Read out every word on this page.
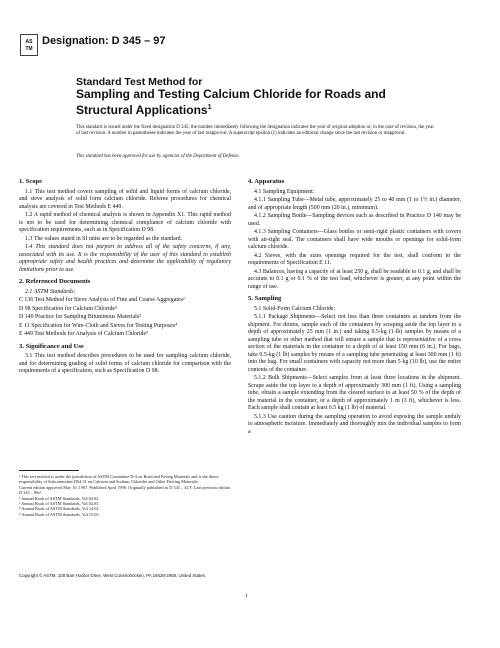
AS
TM
Designation: D 345 – 97
Standard Test Method for
Sampling and Testing Calcium Chloride for Roads and
Structural Applications$^1$
This standard is issued under the fixed designation D 345; the number immediately following the designation indicates the year of original adoption or, in the case of revision, the year of last revision. A number in parentheses indicates the year of last reapproval. A superscript epsilon (ε) indicates an editorial change since the last revision or reapproval.
This standard has been approved for use by agencies of the Department of Defense.
1. Scope

1.1 This test method covers sampling of solid and liquid forms of calcium chloride, and sieve analysis of solid form calcium chloride. Referee procedures for chemical analysis are covered in Test Methods E 449.

1.2 A rapid method of chemical analysis is shown in Appendix X1. This rapid method is not to be used for determining chemical compliance of calcium chloride with specification requirements, such as in Specification D 98.

1.3 The values stated in SI units are to be regarded as the standard.

1.4 This standard does not purport to address all of the safety concerns, if any, associated with its use. It is the responsibility of the user of this standard to establish appropriate safety and health practices and determine the applicability of regulatory limitations prior to use.

2. Referenced Documents

2.1 ASTM Standards:

C 136 Test Method for Sieve Analysis of Fine and Coarse Aggregates²

D 98 Specification for Calcium Chloride³

D 140 Practice for Sampling Bituminous Materials³

E 11 Specification for Wire-Cloth and Sieves for Testing Purposes⁴

E 449 Test Methods for Analysis of Calcium Chloride⁵

3. Significance and Use

3.1 This test method describes procedures to be used for sampling calcium chloride, and for determining grading of solid forms of calcium chloride for comparison with the requirements of a specification, such as Specification D 98.

¹ This test method is under the jurisdiction of ASTM Committee D-4 on Road and Paving Materials and is the direct responsibility of Subcommittee D04.31 on Calcium and Sodium Chlorides and Other Deicing Materials.

Current edition approved May 10, 1997. Published April 1998. Originally published as D 345 – 32 T. Last previous edition D 345 – 90ε¹.

² Annual Book of ASTM Standards, Vol 04.02.

³ Annual Book of ASTM Standards, Vol 04.03.

⁴ Annual Book of ASTM Standards, Vol 14.02.

⁵ Annual Book of ASTM Standards, Vol 15.05.

4. Apparatus

4.1 Sampling Equipment:

4.1.1 Sampling Tube—Metal tube, approximately 25 to 40 mm (1 to 1½ in.) diameter, and of appropriate length (500 mm (20 in.), minimum).

4.1.2 Sampling Bottle—Sampling devices such as described in Practice D 140 may be used.

4.1.3 Sampling Containers—Glass bottles or semi-rigid plastic containers with covers with air-tight seal. The containers shall have wide mouths or openings for solid-form calcium chloride.

4.2 Sieves, with the sizes openings required for the test, shall conform to the requirements of Specification E 11.

4.3 Balances, having a capacity of at least 250 g, shall be readable to 0.1 g, and shall be accurate to 0.1 g or 0.1 % of the test load, whichever is greater, at any point within the range of use.

5. Sampling

5.1 Solid-Form Calcium Chloride:

5.1.1 Package Shipments—Select not less than three containers at random from the shipment. For drums, sample each of the containers by scraping aside the top layer to a depth of approximately 25 mm (1 in.) and taking 0.5-kg (1-lb) samples by means of a sampling tube or other method that will ensure a sample that is representative of a cross section of the materials in the container to a depth of at least 150 mm (6 in.). For bags, take 0.5-kg (1 lb) samples by means of a sampling tube penetrating at least 300 mm (1 ft) into the bag. For small containers with capacity not more than 5 kg (10 lb), use the entire contents of the container.

5.1.2 Bulk Shipments—Select samples from at least three locations in the shipment. Scrape aside the top layer to a depth of approximately 300 mm (1 ft). Using a sampling tube, obtain a sample extending from the cleared surface to at least 50 % of the depth of the material in the container, or a depth of approximately 1 m (3 ft), whichever is less. Each sample shall contain at least 0.5 kg (1 lb) of material.

5.1.3 Use caution during the sampling operation to avoid exposing the sample unduly to atmospheric moisture. Immediately and thoroughly mix the individual samples to form a

Copyright © ASTM, 100 Barr Harbor Drive, West Conshohocken, PA 19428-2959, United States.
1
